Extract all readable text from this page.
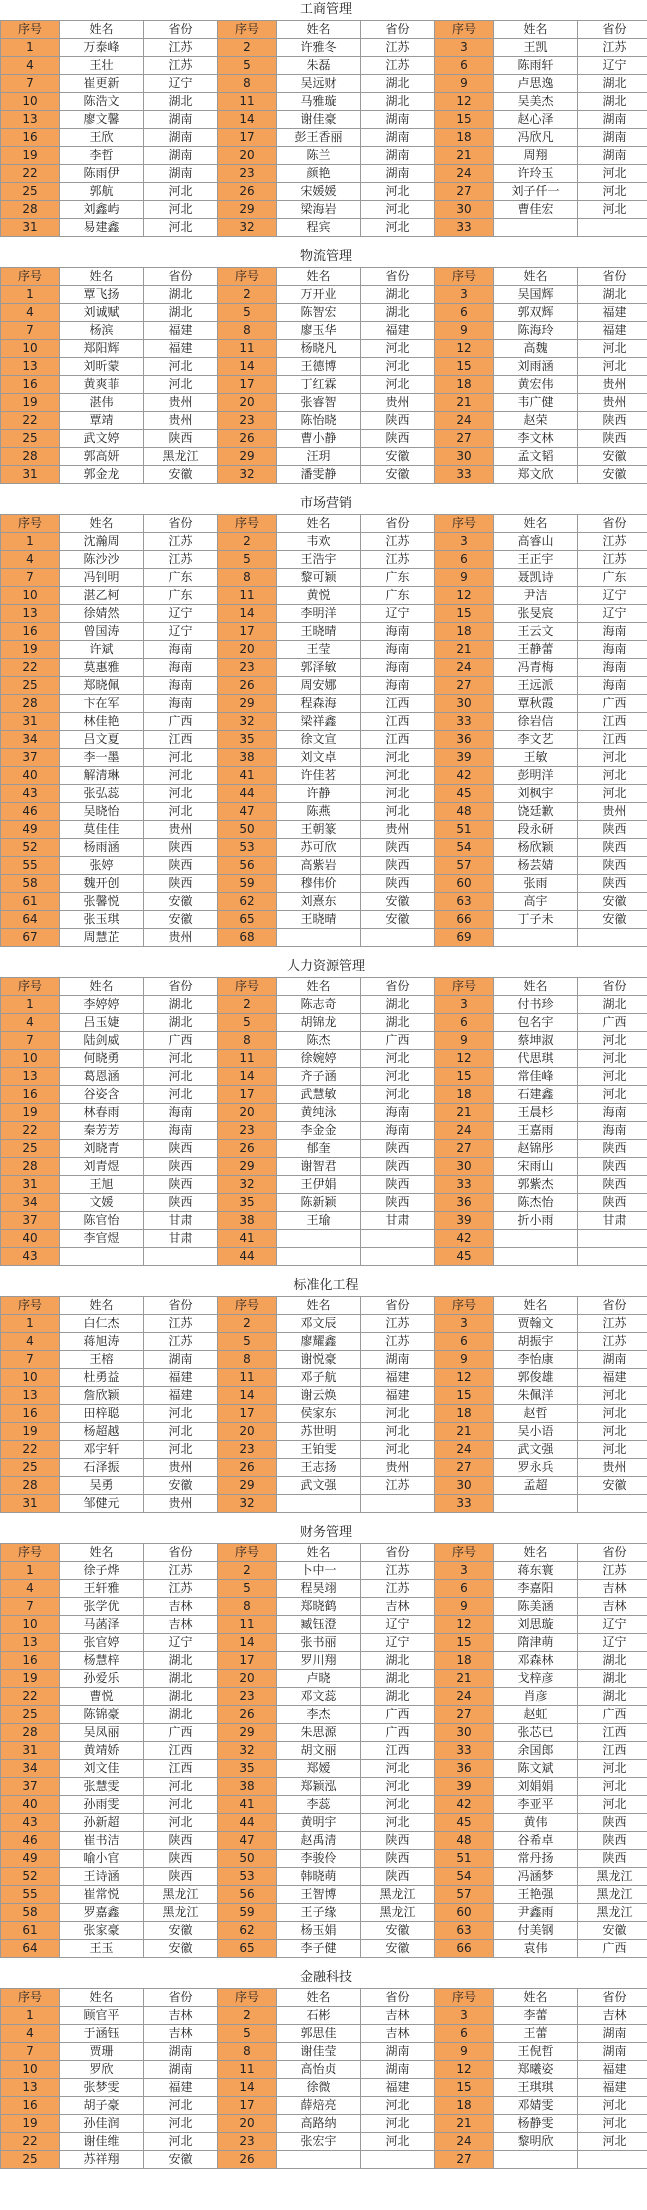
工商管理								
序号	姓名	省份	序号	姓名	省份	序号	姓名	省份
1	万泰峰	江苏	2	许雅冬	江苏	3	王凯	江苏
4	王壮	江苏	5	朱磊	江苏	6	陈雨轩	辽宁
7	崔更新	辽宁	8	吴远财	湖北	9	卢思逸	湖北
10	陈浩文	湖北	11	马雅璇	湖北	12	吴美杰	湖北
13	廖文馨	湖南	14	谢佳豪	湖南	15	赵心泽	湖南
16	王欣	湖南	17	彭王香丽	湖南	18	冯欣凡	湖南
19	李哲	湖南	20	陈兰	湖南	21	周翔	湖南
22	陈雨伊	湖南	23	颜艳	湖南	24	许玲玉	河北
25	郭航	河北	26	宋媛媛	河北	27	刘子仟一	河北
28	刘鑫屿	河北	29	梁海岩	河北	30	曹佳宏	河北
31	易建鑫	河北	32	程宾	河北	33		

物流管理								
序号	姓名	省份	序号	姓名	省份	序号	姓名	省份
1	覃飞扬	湖北	2	万开业	湖北	3	吴国辉	湖北
4	刘诚赋	湖北	5	陈智宏	湖北	6	郭双辉	福建
7	杨滨	福建	8	廖玉华	福建	9	陈海玲	福建
10	郑阳辉	福建	11	杨晓凡	河北	12	高魏	河北
13	刘昕蒙	河北	14	王德博	河北	15	刘雨涵	河北
16	黄爽菲	河北	17	丁红霖	河北	18	黄宏伟	贵州
19	湛伟	贵州	20	张睿智	贵州	21	韦广健	贵州
22	覃靖	贵州	23	陈怡晓	陕西	24	赵荣	陕西
25	武文婷	陕西	26	曹小静	陕西	27	李文林	陕西
28	郭高妍	黑龙江	29	汪玥	安徽	30	孟文韬	安徽
31	郭金龙	安徽	32	潘雯静	安徽	33	郑文欣	安徽

市场营销								
序号	姓名	省份	序号	姓名	省份	序号	姓名	省份
1	沈瀚周	江苏	2	韦欢	江苏	3	高睿山	江苏
4	陈沙沙	江苏	5	王浩宇	江苏	6	王正宇	江苏
7	冯钊明	广东	8	黎可颖	广东	9	聂凯诗	广东
10	湛乙柯	广东	11	黄悦	广东	12	尹洁	辽宁
13	徐婧然	辽宁	14	李明洋	辽宁	15	张旻宸	辽宁
16	曾国涛	辽宁	17	王晓晴	海南	18	王云文	海南
19	许斌	海南	20	王莹	海南	21	王静蕾	海南
22	莫惠雅	海南	23	郭泽敏	海南	24	冯青梅	海南
25	郑晓佩	海南	26	周安娜	海南	27	王远派	海南
28	卞在军	海南	29	程森海	江西	30	覃秋霞	广西
31	林佳艳	广西	32	梁祥鑫	江西	33	徐岩信	江西
34	吕文夏	江西	35	徐文宣	江西	36	李文艺	江西
37	李一墨	河北	38	刘文卓	河北	39	王敏	河北
40	解清琳	河北	41	许佳茗	河北	42	彭明洋	河北
43	张弘蕊	河北	44	许静	河北	45	刘枫宇	河北
46	吴晓怡	河北	47	陈燕	河北	48	饶廷歉	贵州
49	莫佳佳	贵州	50	王朝篆	贵州	51	段永研	陕西
52	杨雨涵	陕西	53	苏可欣	陕西	54	杨欣颖	陕西
55	张婷	陕西	56	高紫岩	陕西	57	杨芸婧	陕西
58	魏开创	陕西	59	穆伟价	陕西	60	张雨	陕西
61	张馨悦	安徽	62	刘熹东	安徽	63	高宇	安徽
64	张玉琪	安徽	65	王晓晴	安徽	66	丁子未	安徽
67	周慧芷	贵州	68			69		

人力资源管理								
序号	姓名	省份	序号	姓名	省份	序号	姓名	省份
1	李婷婷	湖北	2	陈志奇	湖北	3	付书珍	湖北
4	吕玉婕	湖北	5	胡锦龙	湖北	6	包名宇	广西
7	陆剑威	广西	8	陈杰	广西	9	蔡坤淑	河北
10	何晓勇	河北	11	徐婉婷	河北	12	代思琪	河北
13	葛恩涵	河北	14	齐子涵	河北	15	常佳峰	河北
16	谷姿含	河北	17	武慧敏	河北	18	石建鑫	河北
19	林春雨	海南	20	黄纯泳	海南	21	王晨杉	海南
22	秦芳芳	海南	23	李金金	海南	24	王嘉雨	海南
25	刘晓青	陕西	26	郁奎	陕西	27	赵锦彤	陕西
28	刘青煜	陕西	29	谢智君	陕西	30	宋雨山	陕西
31	王旭	陕西	32	王伊娟	陕西	33	郭紫杰	陕西
34	文媛	陕西	35	陈新颖	陕西	36	陈杰怡	陕西
37	陈官怡	甘肃	38	王瑜	甘肃	39	折小雨	甘肃
40	李官煜	甘肃	41			42		
43			44			45		

标准化工程								
序号	姓名	省份	序号	姓名	省份	序号	姓名	省份
1	白仁杰	江苏	2	邓文辰	江苏	3	贾翰文	江苏
4	蒋旭涛	江苏	5	廖耀鑫	江苏	6	胡振宇	江苏
7	王榕	湖南	8	谢悦豪	湖南	9	李怡康	湖南
10	杜勇益	福建	11	邓子航	福建	12	郭俊雄	福建
13	詹欣颖	福建	14	谢云焕	福建	15	朱佩洋	河北
16	田梓聪	河北	17	侯家东	河北	18	赵哲	河北
19	杨超越	河北	20	苏世明	河北	21	吴小语	河北
22	邓宇轩	河北	23	王铂雯	河北	24	武文强	河北
25	石泽振	贵州	26	王志扬	贵州	27	罗永兵	贵州
28	吴勇	安徽	29	武文强	江苏	30	孟超	安徽
31	邹健元	贵州	32			33		

财务管理								
序号	姓名	省份	序号	姓名	省份	序号	姓名	省份
1	徐子烨	江苏	2	卜中一	江苏	3	蒋东寰	江苏
4	王轩雅	江苏	5	程昊翊	江苏	6	李嘉阳	吉林
7	张学优	吉林	8	郑晓鹤	吉林	9	陈美涵	吉林
10	马菡泽	吉林	11	臧钰澄	辽宁	12	刘思璇	辽宁
13	张官婷	辽宁	14	张书丽	辽宁	15	隋津萌	辽宁
16	杨慧梓	湖北	17	罗川翔	湖北	18	邓森林	湖北
19	孙爱乐	湖北	20	卢晓	湖北	21	戈梓彦	湖北
22	曹悦	湖北	23	邓文蕊	湖北	24	肖彦	湖北
25	陈锦豪	湖北	26	李杰	广西	27	赵虹	广西
28	吴凤丽	广西	29	朱思源	广西	30	张芯已	江西
31	黄靖娇	江西	32	胡文丽	江西	33	余国郎	江西
34	刘文佳	江西	35	郑嫒	河北	36	陈文斌	河北
37	张慧雯	河北	38	郑颖泓	河北	39	刘娟娟	河北
40	孙雨雯	河北	41	李蕊	河北	42	李亚平	河北
43	孙新超	河北	44	黄明宇	河北	45	黄伟	陕西
46	崔书洁	陕西	47	赵禹清	陕西	48	谷希卓	陕西
49	喻小官	陕西	50	李骏伶	陕西	51	常丹扬	陕西
52	王诗涵	陕西	53	韩晓萌	陕西	54	冯涵梦	黑龙江
55	崔常悦	黑龙江	56	王智博	黑龙江	57	王艳强	黑龙江
58	罗嘉鑫	黑龙江	59	王子缘	黑龙江	60	尹鑫雨	黑龙江
61	张家豪	安徽	62	杨玉娟	安徽	63	付美钢	安徽
64	王玉	安徽	65	李子健	安徽	66	袁伟	广西

金融科技								
序号	姓名	省份	序号	姓名	省份	序号	姓名	省份
1	顾官平	吉林	2	石彬	吉林	3	李蕾	吉林
4	于涵钰	吉林	5	郭思佳	吉林	6	王蕾	湖南
7	贾珊	湖南	8	谢佳莹	湖南	9	王倪哲	湖南
10	罗欣	湖南	11	高怡贞	湖南	12	郑曦姿	福建
13	张梦雯	福建	14	徐微	福建	15	王琪琪	福建
16	胡子豪	河北	17	薛焙亮	河北	18	邓婧雯	河北
19	孙佳润	河北	20	高路纳	河北	21	杨静雯	河北
22	谢佳维	河北	23	张宏宇	河北	24	黎明欣	河北
25	苏祥翔	安徽	26			27		
